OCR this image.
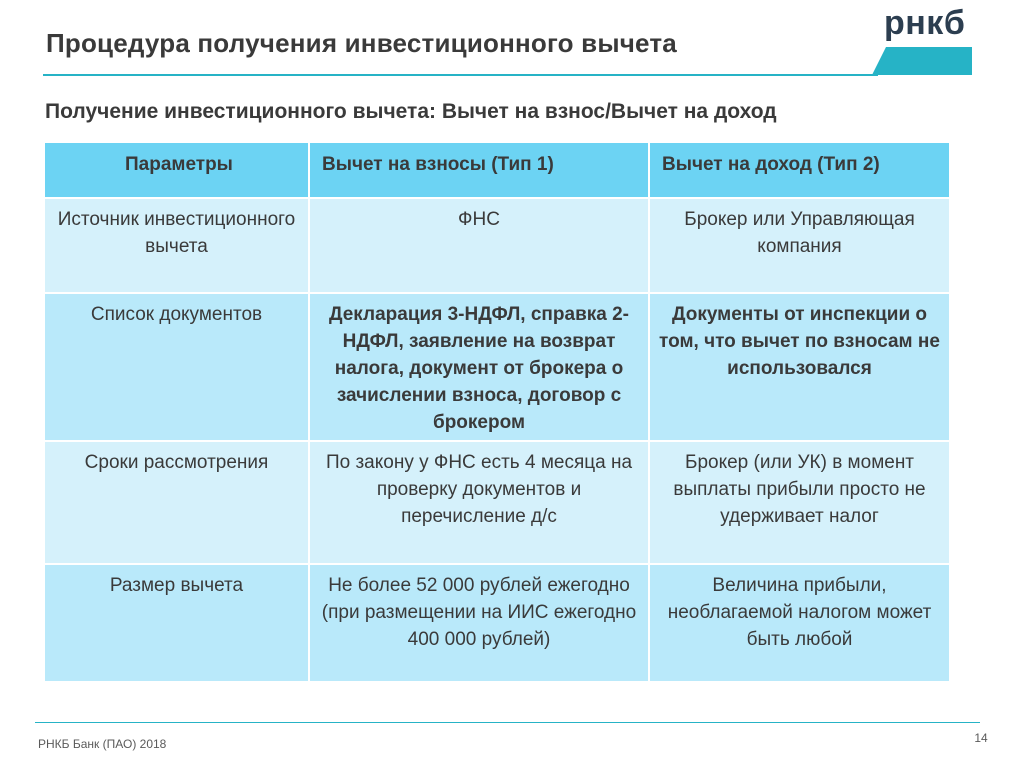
Процедура получения инвестиционного вычета
рнкб
Получение инвестиционного вычета: Вычет на взнос/Вычет на доход
Параметры	Вычет на взносы (Тип 1)	Вычет на доход (Тип 2)
Источник инвестиционного вычета	ФНС	Брокер или Управляющая компания
Список документов	Декларация 3-НДФЛ, справка 2-НДФЛ, заявление на возврат налога, документ от брокера о зачислении взноса, договор с брокером	Документы от инспекции о том, что вычет по взносам не использовался
Сроки рассмотрения	По закону у ФНС есть 4 месяца на проверку документов и перечисление д/с	Брокер (или УК) в момент выплаты прибыли просто не удерживает налог
Размер вычета	Не более 52 000 рублей ежегодно (при размещении на ИИС ежегодно 400 000 рублей)	Величина прибыли, необлагаемой налогом может быть любой
РНКБ Банк (ПАО) 2018	14
